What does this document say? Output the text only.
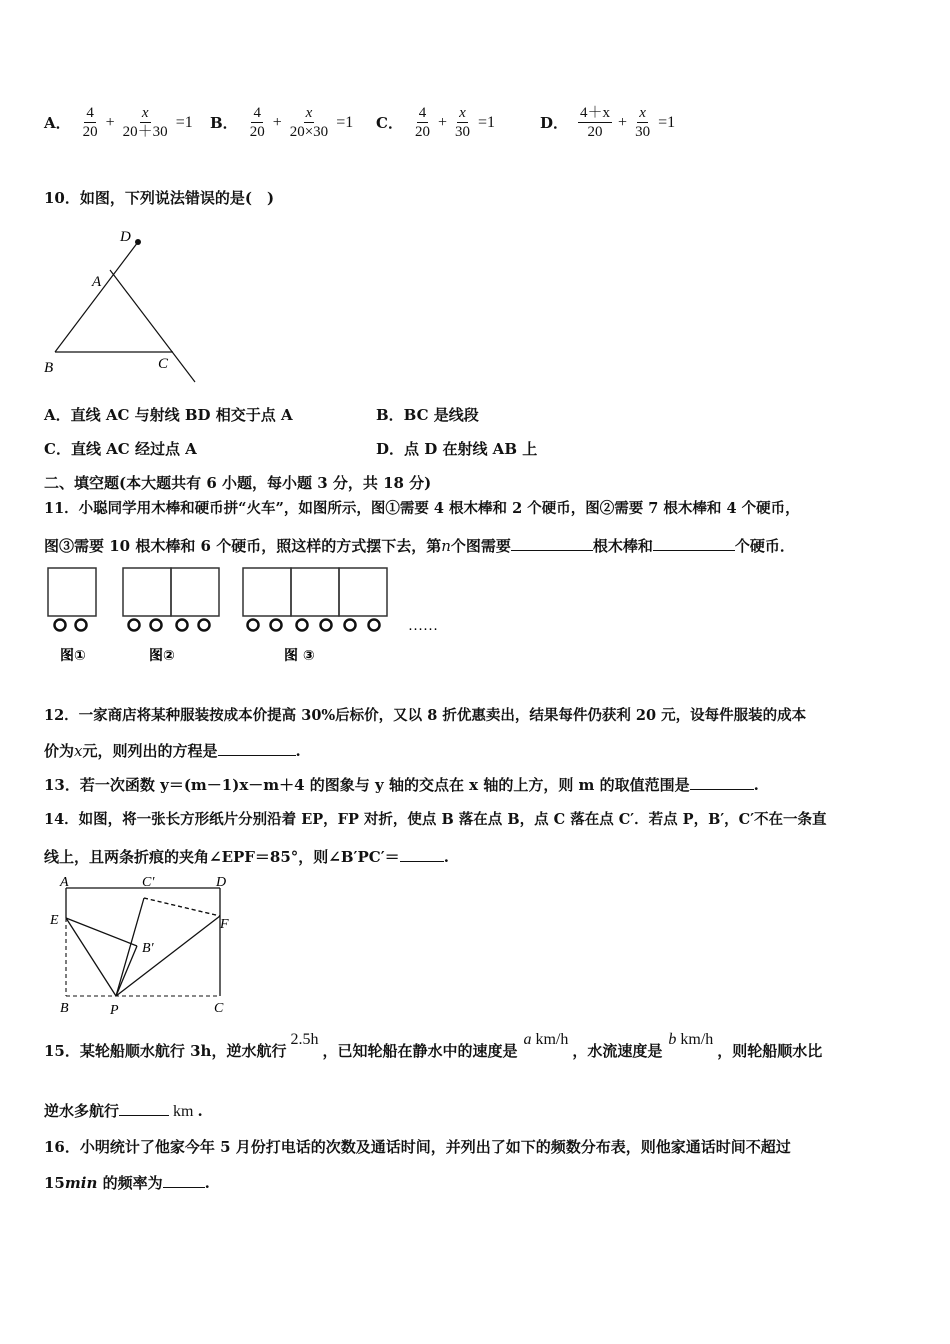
A． $\frac{4}{20} + \frac{x}{20+30} =1$ B． $\frac{4}{20} + \frac{x}{20\times 30} =1$ C． $\frac{4}{20} + \frac{x}{30} =1$	D． $\frac{4+x}{20} + \frac{x}{30} =1$
10．如图，下列说法错误的是(　)
D
A
B	C
A．直线 AC 与射线 BD 相交于点 A	B．BC 是线段
C．直线 AC 经过点 A	D．点 D 在射线 AB 上
二、填空题(本大题共有 6 小题，每小题 3 分，共 18 分)
11．小聪同学用木棒和硬币拼“火车”，如图所示，图①需要 4 根木棒和 2 个硬币，图②需要 7 根木棒和 4 个硬币，
图③需要 10 根木棒和 6 个硬币，照这样的方式摆下去，第n个图需要	根木棒和	个硬币．
……
图①	图②	图 ③
12．一家商店将某种服装按成本价提高 30%后标价，又以 8 折优惠卖出，结果每件仍获利 20 元，设每件服装的成本
价为x元，则列出的方程是	.
13．若一次函数 y＝(m－1)x－m＋4 的图象与 y 轴的交点在 x 轴的上方，则 m 的取值范围是	.
14．如图，将一张长方形纸片分别沿着 EP，FP 对折，使点 B 落在点 B，点 C 落在点 C′．若点 P，B′，C′不在一条直
线上，且两条折痕的夹角∠EPF＝85°，则∠B′PC′＝	.
A	C′	D
E	F
B′
B	P	C
15．某轮船顺水航行 3h，逆水航行2.5h，已知轮船在静水中的速度是a km/h，水流速度是b km/h，则轮船顺水比
逆水多航行	km .
16．小明统计了他家今年 5 月份打电话的次数及通话时间，并列出了如下的频数分布表，则他家通话时间不超过
15min 的频率为	.
